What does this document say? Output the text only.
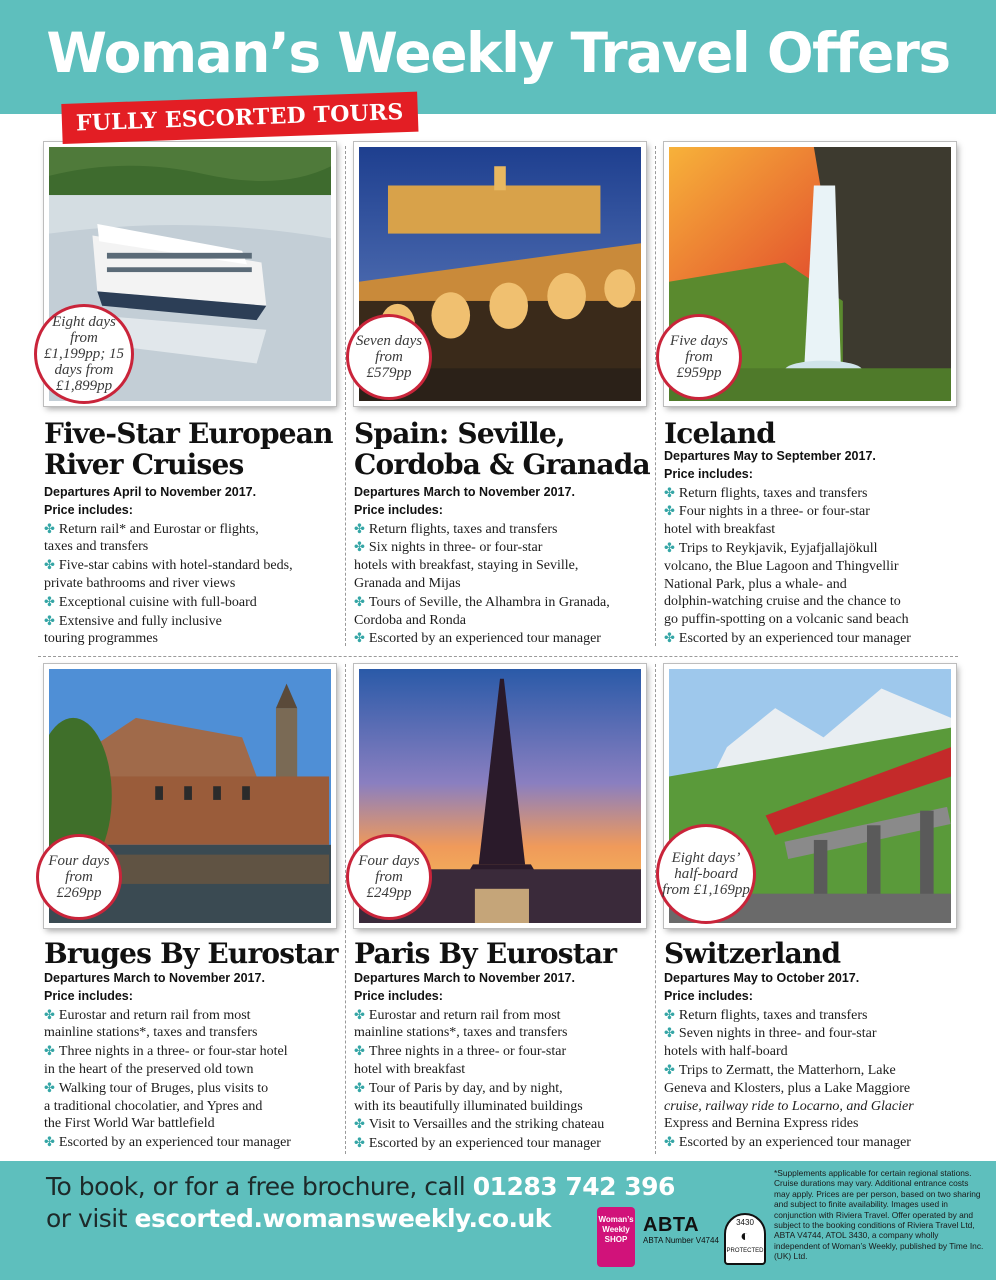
Woman’s Weekly Travel Offers
FULLY ESCORTED TOURS
Eight days from £1,199pp; 15 days from £1,899pp
Five-Star European
River Cruises
Departures April to November 2017.
Price includes:
✤ Return rail* and Eurostar or flights,
taxes and transfers
✤ Five-star cabins with hotel-standard beds,
private bathrooms and river views
✤ Exceptional cuisine with full-board
✤ Extensive and fully inclusive
touring programmes
Seven days from £579pp
Spain: Seville,
Cordoba & Granada
Departures March to November 2017.
Price includes:
✤ Return flights, taxes and transfers
✤ Six nights in three- or four-star
hotels with breakfast, staying in Seville,
Granada and Mijas
✤ Tours of Seville, the Alhambra in Granada,
Cordoba and Ronda
✤ Escorted by an experienced tour manager
Five days from £959pp
Iceland
Departures May to September 2017.
Price includes:
✤ Return flights, taxes and transfers
✤ Four nights in a three- or four-star
hotel with breakfast
✤ Trips to Reykjavik, Eyjafjallajökull
volcano, the Blue Lagoon and Thingvellir
National Park, plus a whale- and
dolphin-watching cruise and the chance to
go puffin-spotting on a volcanic sand beach
✤ Escorted by an experienced tour manager
Four days from £269pp
Bruges By Eurostar
Departures March to November 2017.
Price includes:
✤ Eurostar and return rail from most
mainline stations*, taxes and transfers
✤ Three nights in a three- or four-star hotel
in the heart of the preserved old town
✤ Walking tour of Bruges, plus visits to
a traditional chocolatier, and Ypres and
the First World War battlefield
✤ Escorted by an experienced tour manager
Four days from £249pp
Paris By Eurostar
Departures March to November 2017.
Price includes:
✤ Eurostar and return rail from most
mainline stations*, taxes and transfers
✤ Three nights in a three- or four-star
hotel with breakfast
✤ Tour of Paris by day, and by night,
with its beautifully illuminated buildings
✤ Visit to Versailles and the striking chateau
✤ Escorted by an experienced tour manager
Eight days’ half-board from £1,169pp
Switzerland
Departures May to October 2017.
Price includes:
✤ Return flights, taxes and transfers
✤ Seven nights in three- and four-star
hotels with half-board
✤ Trips to Zermatt, the Matterhorn, Lake
Geneva and Klosters, plus a Lake Maggiore
cruise, railway ride to Locarno, and Glacier
Express and Bernina Express rides
✤ Escorted by an experienced tour manager
To book, or for a free brochure, call 01283 742 396
or visit escorted.womansweekly.co.uk	Woman’s Weekly SHOP
ABTA
ABTA Number V4744
3430
◐
PROTECTED
*Supplements applicable for certain regional stations. Cruise durations may vary. Additional entrance costs may apply. Prices are per person, based on two sharing and subject to finite availability. Images used in conjunction with Riviera Travel. Offer operated by and subject to the booking conditions of Riviera Travel Ltd, ABTA V4744, ATOL 3430, a company wholly independent of Woman’s Weekly, published by Time Inc. (UK) Ltd.
